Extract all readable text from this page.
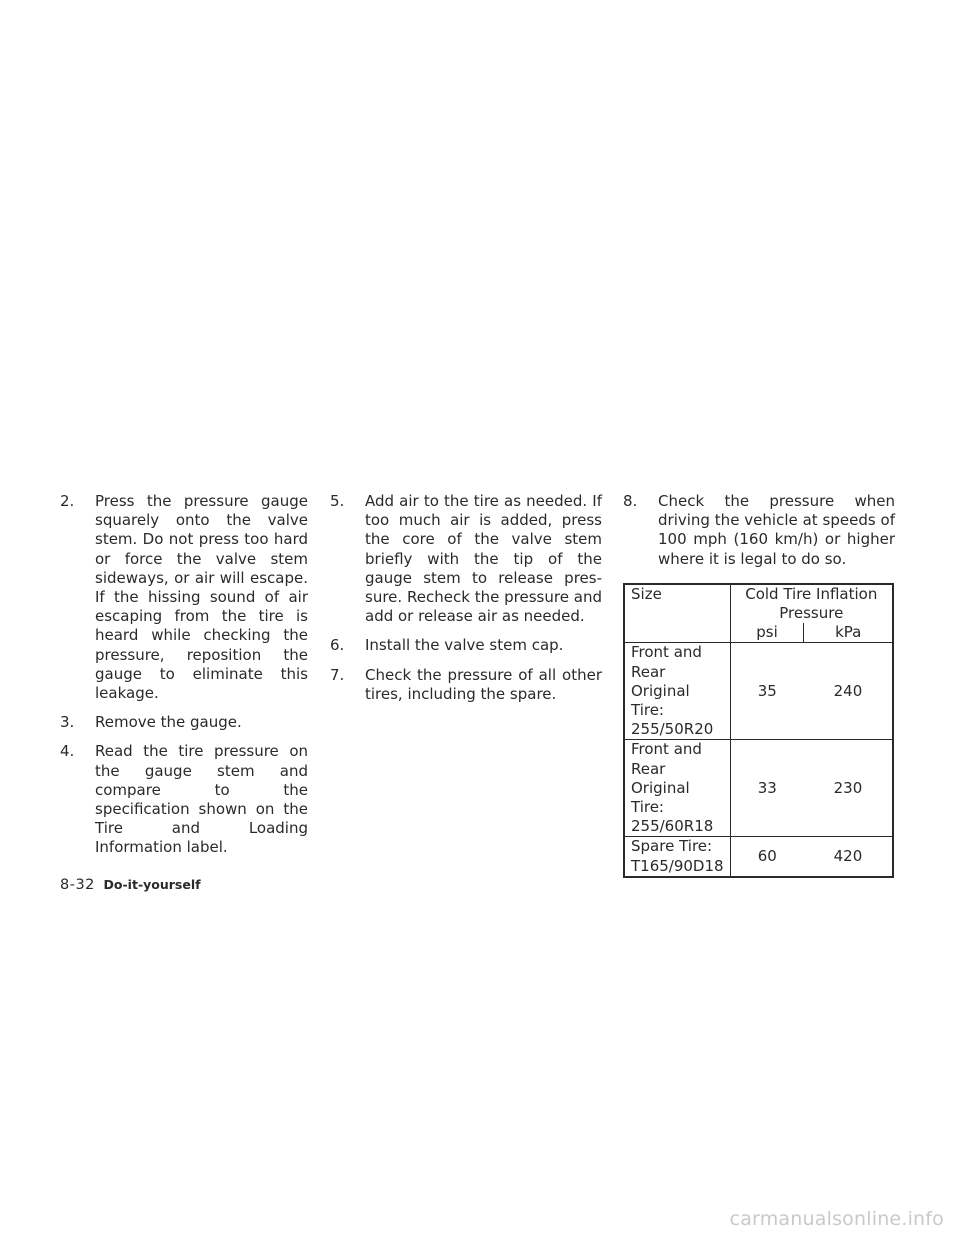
2.	Press the pressure gauge squarely onto the valve stem. Do not press too hard or force the valve stem sideways, or air will escape. If the hissing sound of air escaping from the tire is heard while checking the pressure, reposition the gauge to eliminate this leakage.

3.	Remove the gauge.

4.	Read the tire pressure on the gauge stem and compare to the specification shown on the Tire and Loading Information label.

5.	Add air to the tire as needed. If too much air is added, press the core of the valve stem briefly with the tip of the gauge stem to release pres-sure. Recheck the pressure and add or release air as needed.

6.	Install the valve stem cap.

7.	Check the pressure of all other tires, including the spare.

8.	Check the pressure when driving the vehicle at speeds of 100 mph (160 km/h) or higher where it is legal to do so.

Size	Cold Tire Inflation Pressure	
	psi	kPa
Front and Rear Original Tire: 255/50R20	35	240
Front and Rear Original Tire: 255/60R18	33	230
Spare Tire: T165/90D18	60	420
8-32 Do-it-yourself
carmanualsonline.info
